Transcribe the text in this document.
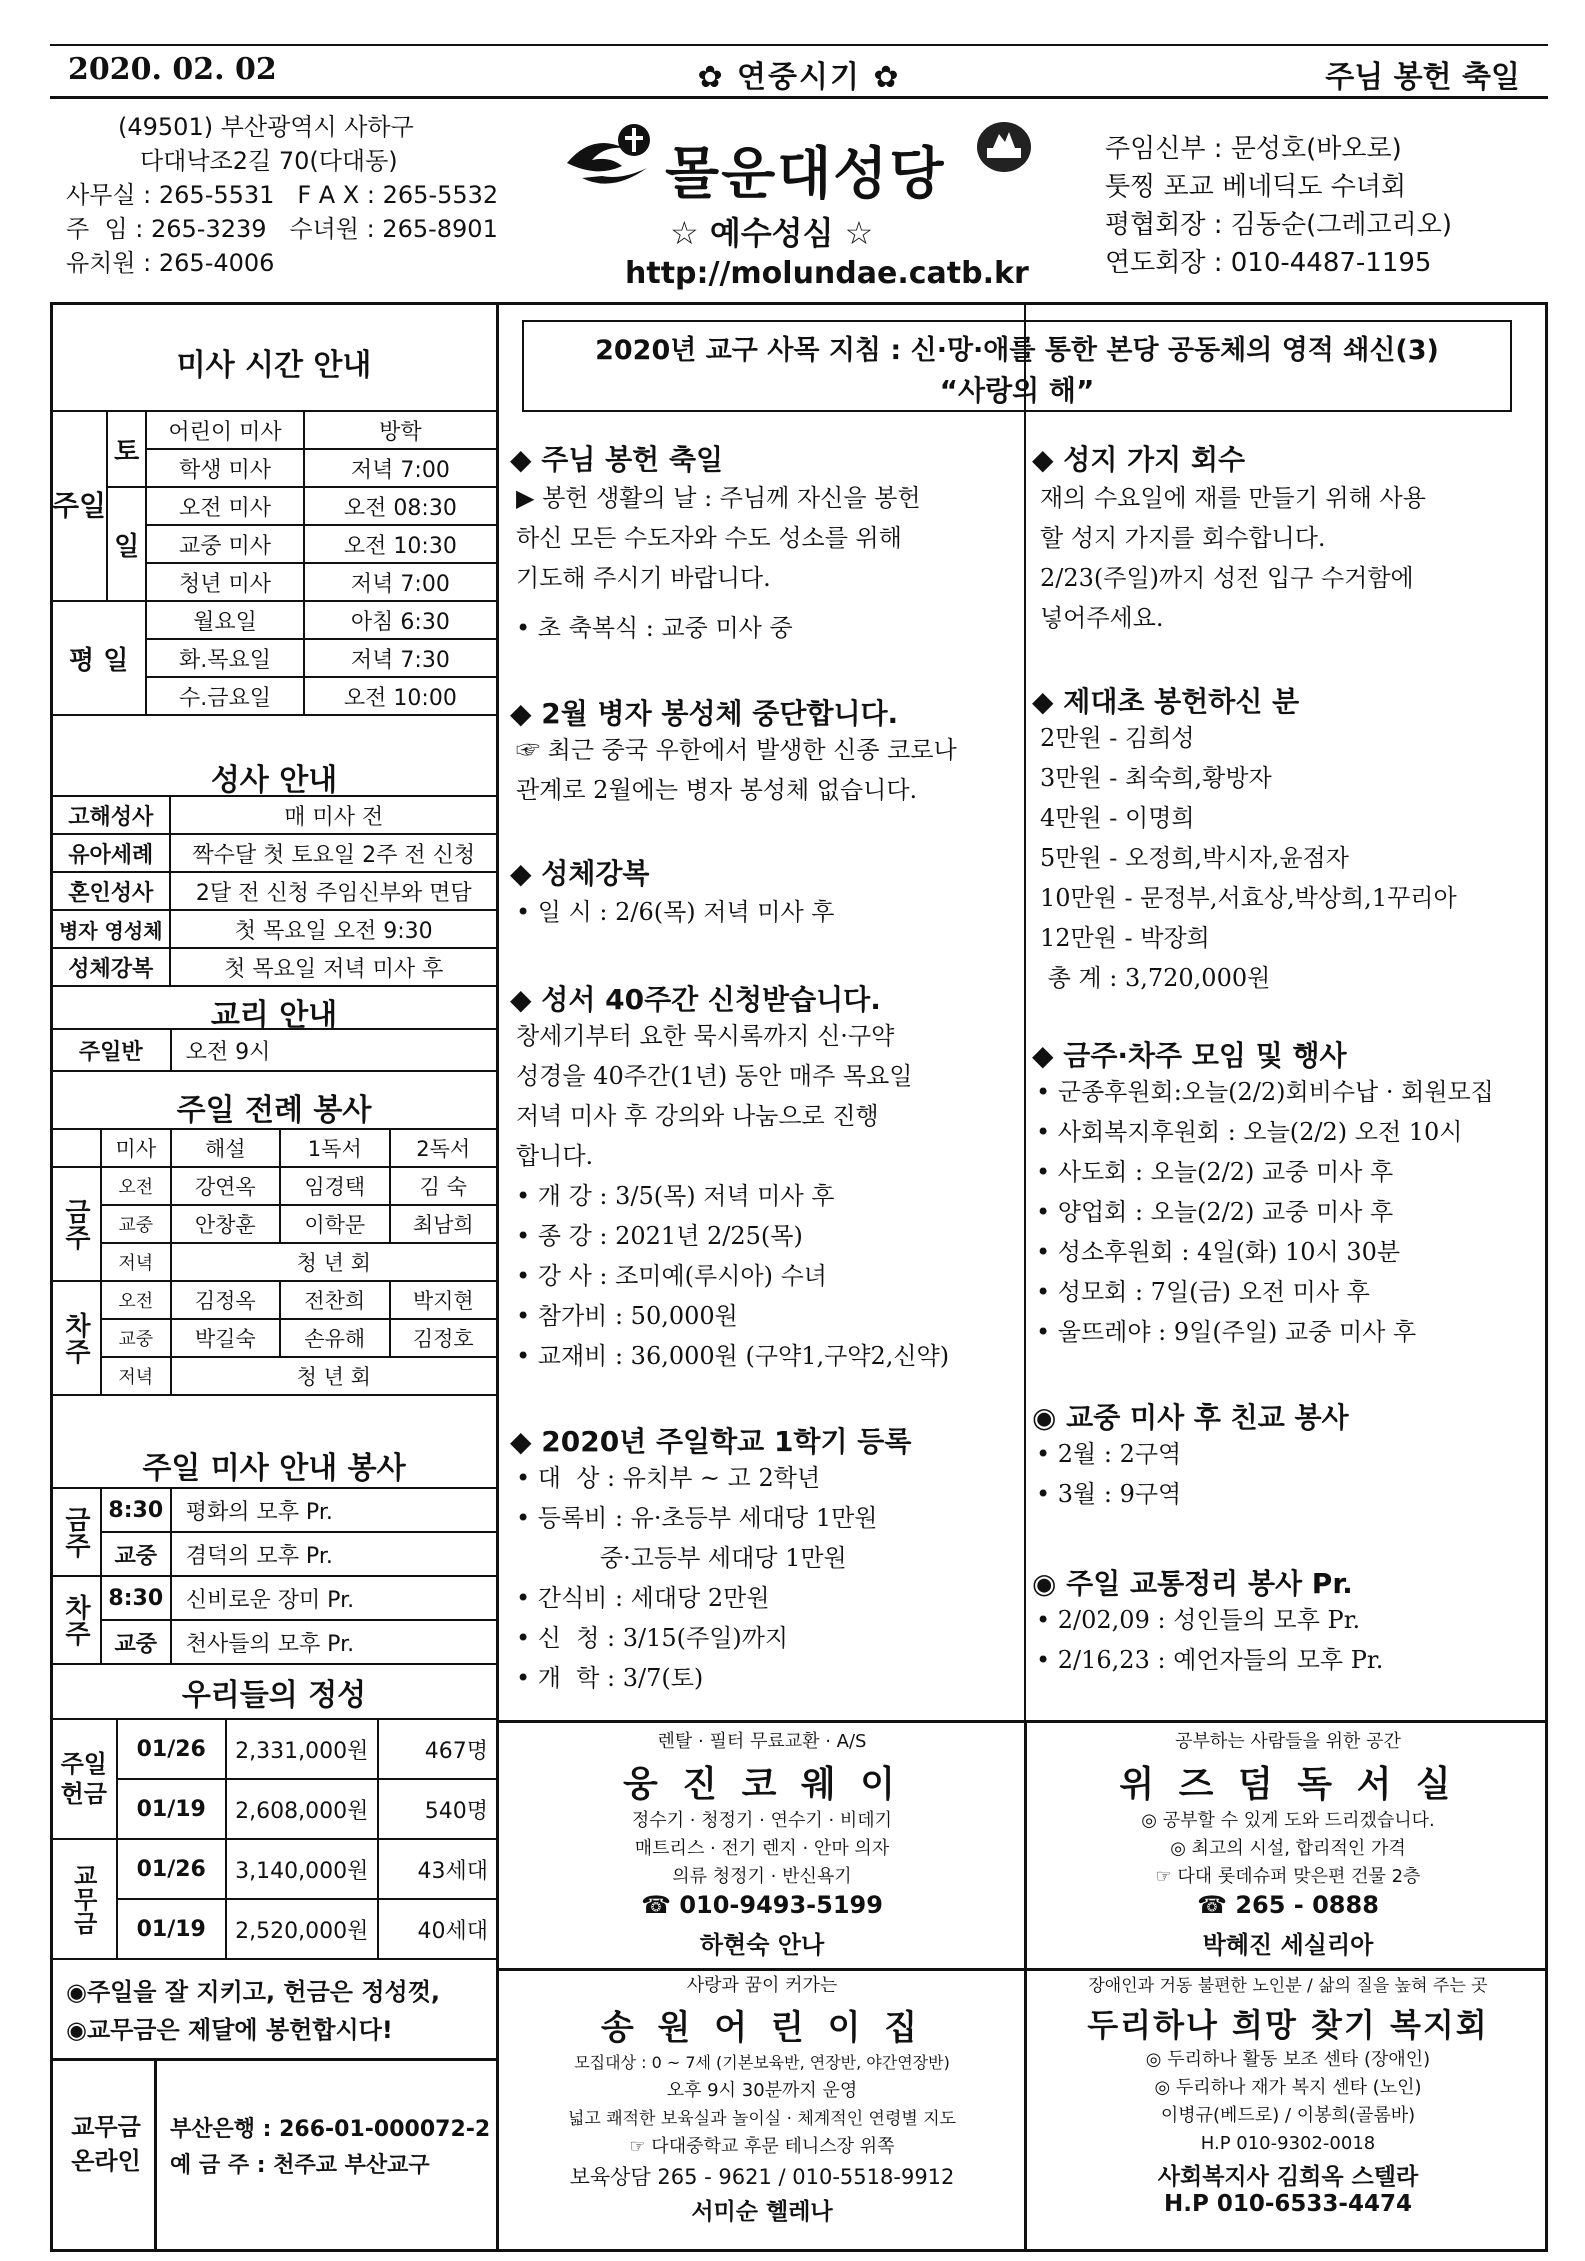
2020. 02. 02	✿ 연중시기 ✿	주님 봉헌 축일
(49501) 부산광역시 사하구
다대낙조2길 70(다대동)
사무실 : 265-5531   F A X : 265-5532
주  임 : 265-3239   수녀원 : 265-8901
유치원 : 265-4006
몰운대성당
☆ 예수성심 ☆
http://molundae.catb.kr
주임신부 : 문성호(바오로)
툿찡 포교 베네딕도 수녀회
평협회장 : 김동순(그레고리오)
연도회장 : 010-4487-1195
미사 시간 안내
주일	토	어린이 미사	방학
		학생 미사	저녁 7:00
	일	오전 미사	오전 08:30
		교중 미사	오전 10:30
		청년 미사	저녁 7:00
평 일		월요일	아침 6:30
		화.목요일	저녁 7:30
		수.금요일	오전 10:00
성사 안내
고해성사	매 미사 전
유아세례	짝수달 첫 토요일 2주 전 신청
혼인성사	2달 전 신청 주임신부와 면담
병자 영성체	첫 목요일 오전 9:30
성체강복	첫 목요일 저녁 미사 후
교리 안내
주일반	오전 9시
주일 전례 봉사
	미사	해설	1독서	2독서
금주	오전	강연옥	임경택	김 숙
	교중	안창훈	이학문	최남희
	저녁	청 년 회		
차주	오전	김정옥	전찬희	박지현
	교중	박길숙	손유해	김정호
	저녁	청 년 회		
주일 미사 안내 봉사
금주	8:30	평화의 모후 Pr.
	교중	겸덕의 모후 Pr.
차주	8:30	신비로운 장미 Pr.
	교중	천사들의 모후 Pr.
우리들의 정성
주일헌금	01/26	2,331,000원	467명
	01/19	2,608,000원	540명
교무금	01/26	3,140,000원	43세대
	01/19	2,520,000원	40세대
◉주일을 잘 지키고, 헌금은 정성껏,
◉교무금은 제달에 봉헌합시다!
교무금
온라인
부산은행 : 266-01-000072-2
예 금 주 : 천주교 부산교구
2020년 교구 사목 지침 : 신·망·애를 통한 본당 공동체의 영적 쇄신(3)
“사랑의 해”
◆ 주님 봉헌 축일
▶ 봉헌 생활의 날 : 주님께 자신을 봉헌
하신 모든 수도자와 수도 성소를 위해
기도해 주시기 바랍니다.
• 초 축복식 : 교중 미사 중
◆ 2월 병자 봉성체 중단합니다.
☞ 최근 중국 우한에서 발생한 신종 코로나
관계로 2월에는 병자 봉성체 없습니다.
◆ 성체강복
• 일 시 : 2/6(목) 저녁 미사 후
◆ 성서 40주간 신청받습니다.
창세기부터 요한 묵시록까지 신·구약
성경을 40주간(1년) 동안 매주 목요일
저녁 미사 후 강의와 나눔으로 진행
합니다.
• 개 강 : 3/5(목) 저녁 미사 후
• 종 강 : 2021년 2/25(목)
• 강 사 : 조미예(루시아) 수녀
• 참가비 : 50,000원
• 교재비 : 36,000원 (구약1,구약2,신약)
◆ 2020년 주일학교 1학기 등록
• 대  상 : 유치부 ~ 고 2학년
• 등록비 : 유·초등부 세대당 1만원
중·고등부 세대당 1만원
• 간식비 : 세대당 2만원
• 신  청 : 3/15(주일)까지
• 개  학 : 3/7(토)
◆ 성지 가지 회수
재의 수요일에 재를 만들기 위해 사용
할 성지 가지를 회수합니다.
2/23(주일)까지 성전 입구 수거함에
넣어주세요.
◆ 제대초 봉헌하신 분
2만원 - 김희성
3만원 - 최숙희,황방자
4만원 - 이명희
5만원 - 오정희,박시자,윤점자
10만원 - 문정부,서효상,박상희,1꾸리아
12만원 - 박장희
총 계 : 3,720,000원
◆ 금주·차주 모임 및 행사
• 군종후원회:오늘(2/2)회비수납 · 회원모집
• 사회복지후원회 : 오늘(2/2) 오전 10시
• 사도회 : 오늘(2/2) 교중 미사 후
• 양업회 : 오늘(2/2) 교중 미사 후
• 성소후원회 : 4일(화) 10시 30분
• 성모회 : 7일(금) 오전 미사 후
• 울뜨레야 : 9일(주일) 교중 미사 후
◉ 교중 미사 후 친교 봉사
• 2월 : 2구역
• 3월 : 9구역
◉ 주일 교통정리 봉사 Pr.
• 2/02,09 : 성인들의 모후 Pr.
• 2/16,23 : 예언자들의 모후 Pr.
렌탈 · 필터 무료교환 · A/S
웅 진 코 웨 이
정수기 · 청정기 · 연수기 · 비데기
매트리스 · 전기 렌지 · 안마 의자
의류 청정기 · 반신욕기
☎ 010-9493-5199
하현숙 안나
공부하는 사람들을 위한 공간
위 즈 덤 독 서 실
◎ 공부할 수 있게 도와 드리겠습니다.
◎ 최고의 시설, 합리적인 가격
☞ 다대 롯데슈퍼 맞은편 건물 2층
☎ 265 - 0888
박혜진 세실리아
사랑과 꿈이 커가는
송 원 어 린 이 집
모집대상 : 0 ~ 7세 (기본보육반, 연장반, 야간연장반)
오후 9시 30분까지 운영
넓고 쾌적한 보육실과 놀이실 · 체계적인 연령별 지도
☞ 다대중학교 후문 테니스장 위쪽
보육상담 265 - 9621 / 010-5518-9912
서미순 헬레나
장애인과 거동 불편한 노인분 / 삶의 질을 높혀 주는 곳
두리하나 희망 찾기 복지회
◎ 두리하나 활동 보조 센타 (장애인)
◎ 두리하나 재가 복지 센타 (노인)
이병규(베드로) / 이봉희(골롬바)
H.P 010-9302-0018
사회복지사 김희옥 스텔라
H.P 010-6533-4474
